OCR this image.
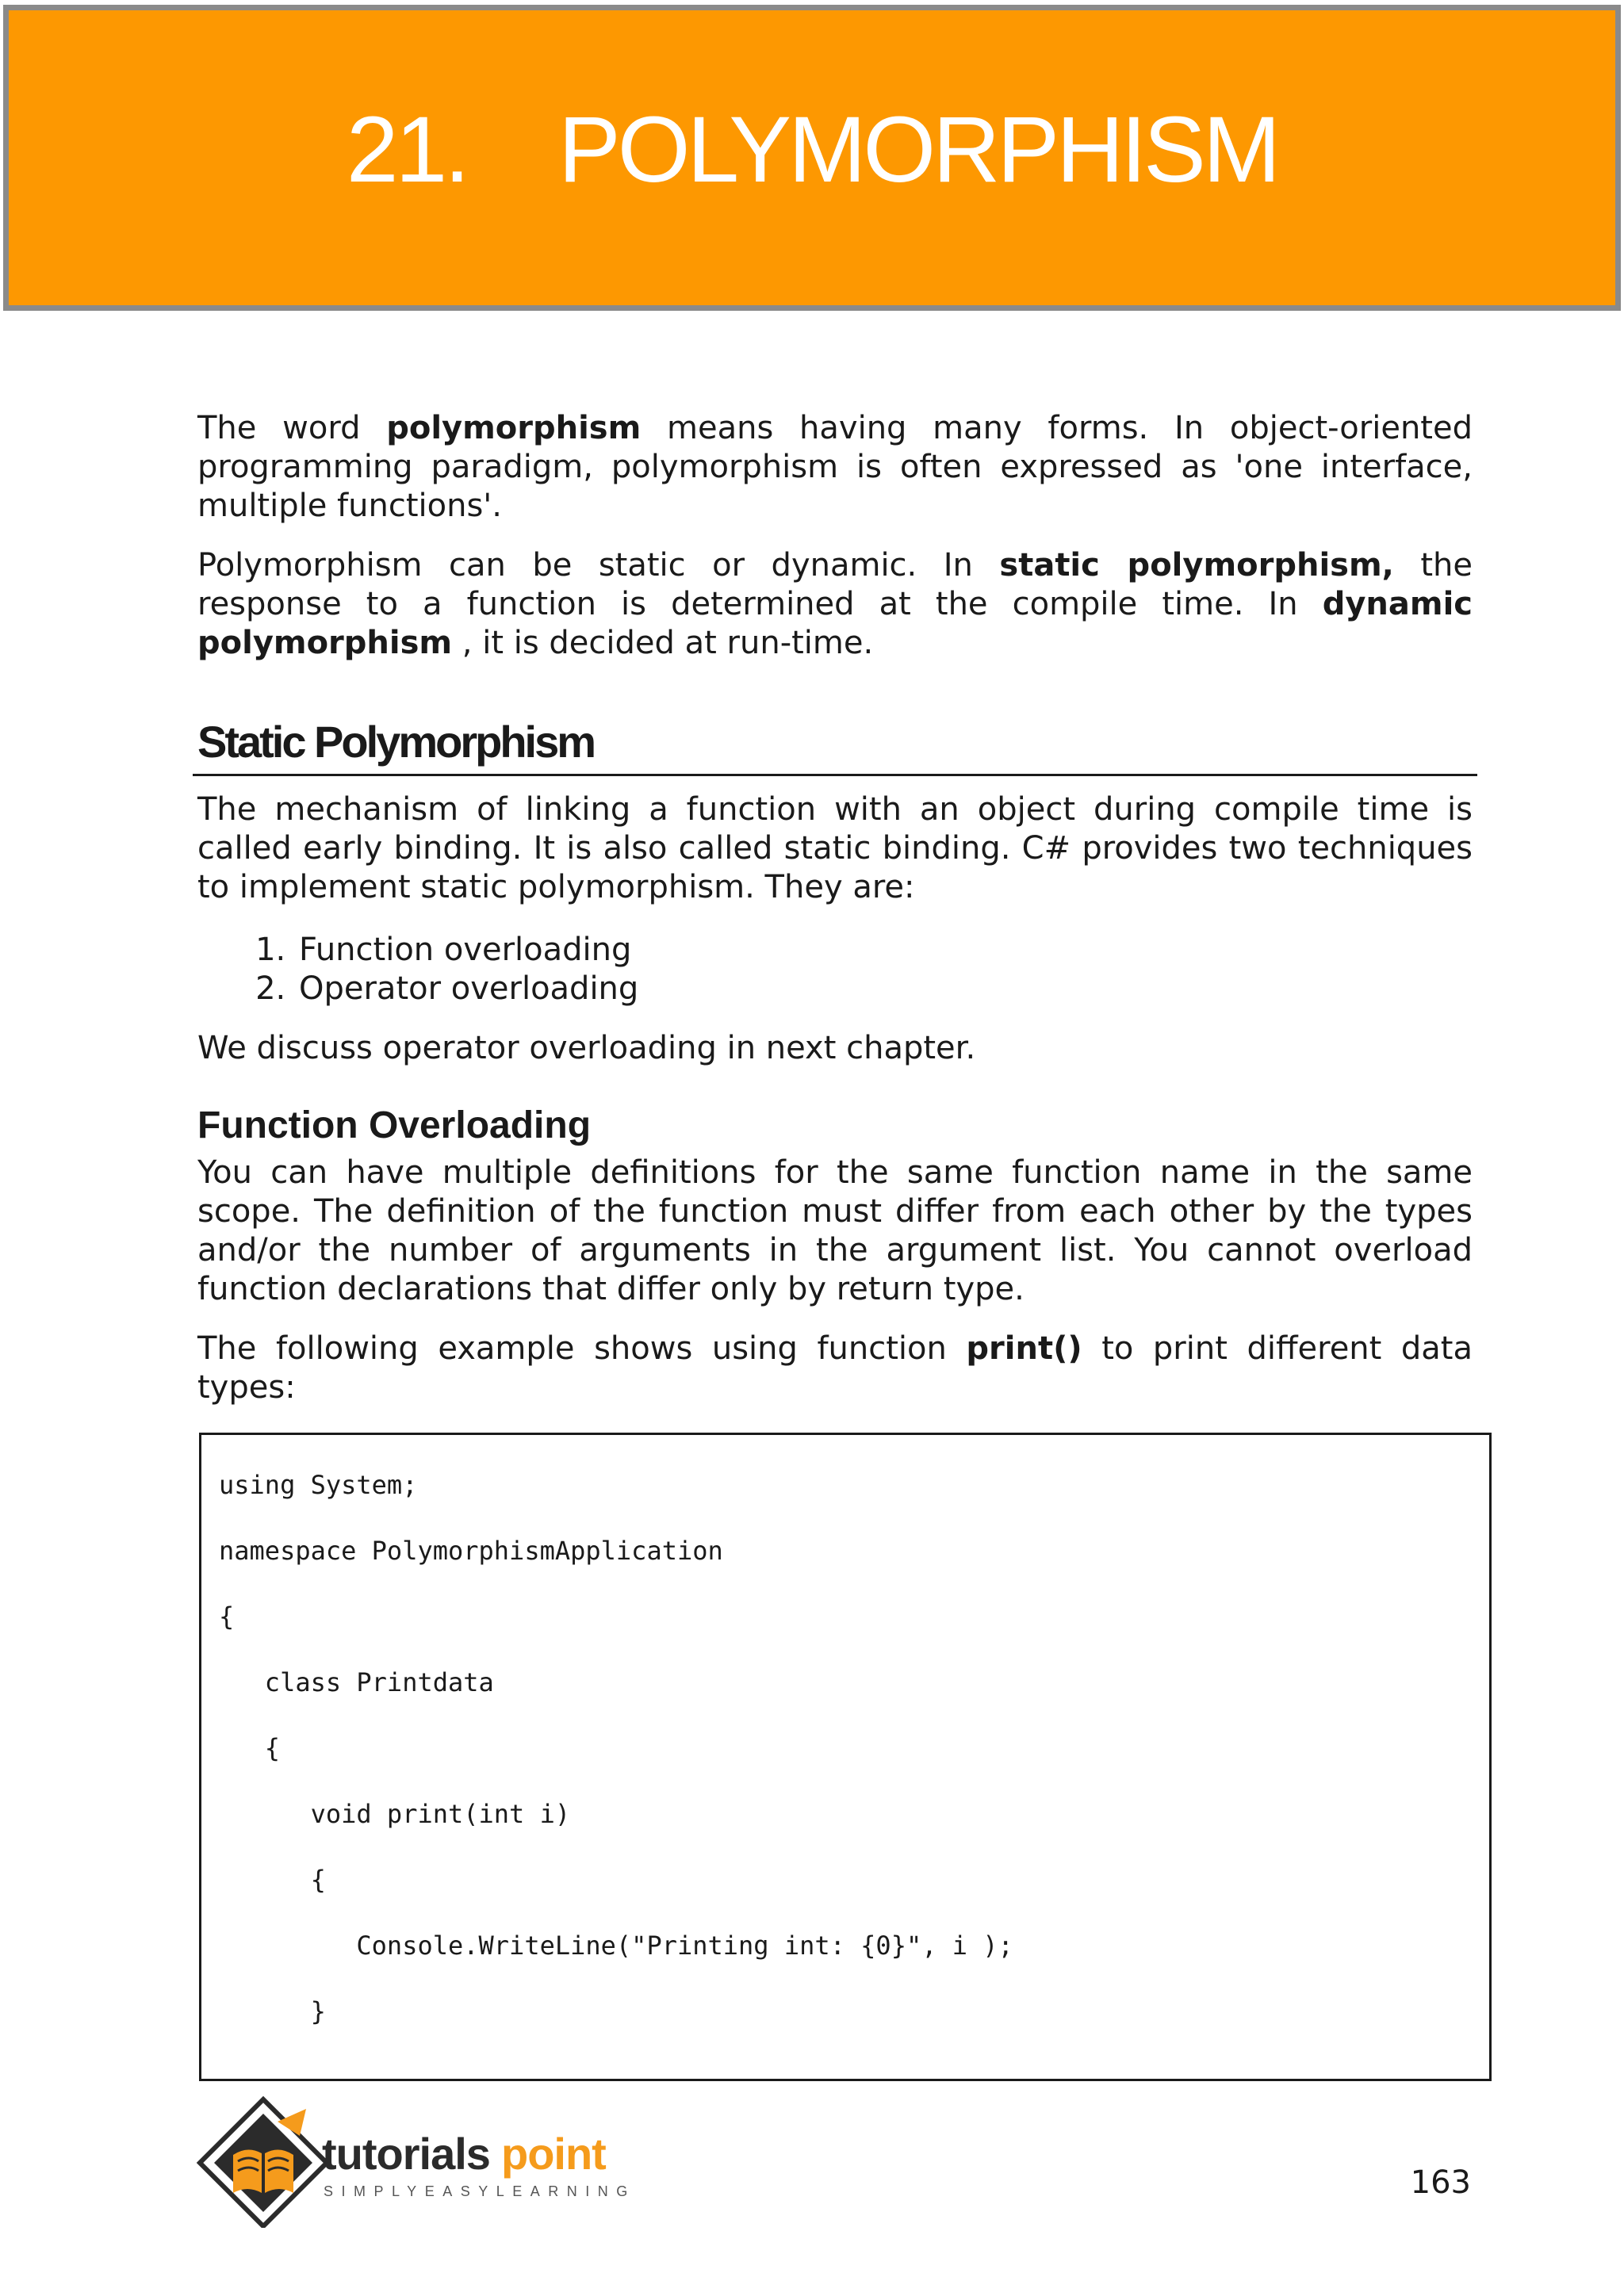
21.    POLYMORPHISM

The word polymorphism means having many forms. In object-oriented programming paradigm, polymorphism is often expressed as 'one interface, multiple functions'.

Polymorphism can be static or dynamic. In static polymorphism, the response to a function is determined at the compile time. In dynamic polymorphism , it is decided at run-time.

Static Polymorphism

The mechanism of linking a function with an object during compile time is called early binding. It is also called static binding. C# provides two techniques to implement static polymorphism. They are:

1. Function overloading
2. Operator overloading

We discuss operator overloading in next chapter.

Function Overloading

You can have multiple definitions for the same function name in the same scope. The definition of the function must differ from each other by the types and/or the number of arguments in the argument list. You cannot overload function declarations that differ only by return type.

The following example shows using function print() to print different data types:

using System;
namespace PolymorphismApplication
{
class Printdata
{
void print(int i)
{
Console.WriteLine("Printing int: {0}", i );
}
tutorials point
SIMPLYEASYLEARNING	163
